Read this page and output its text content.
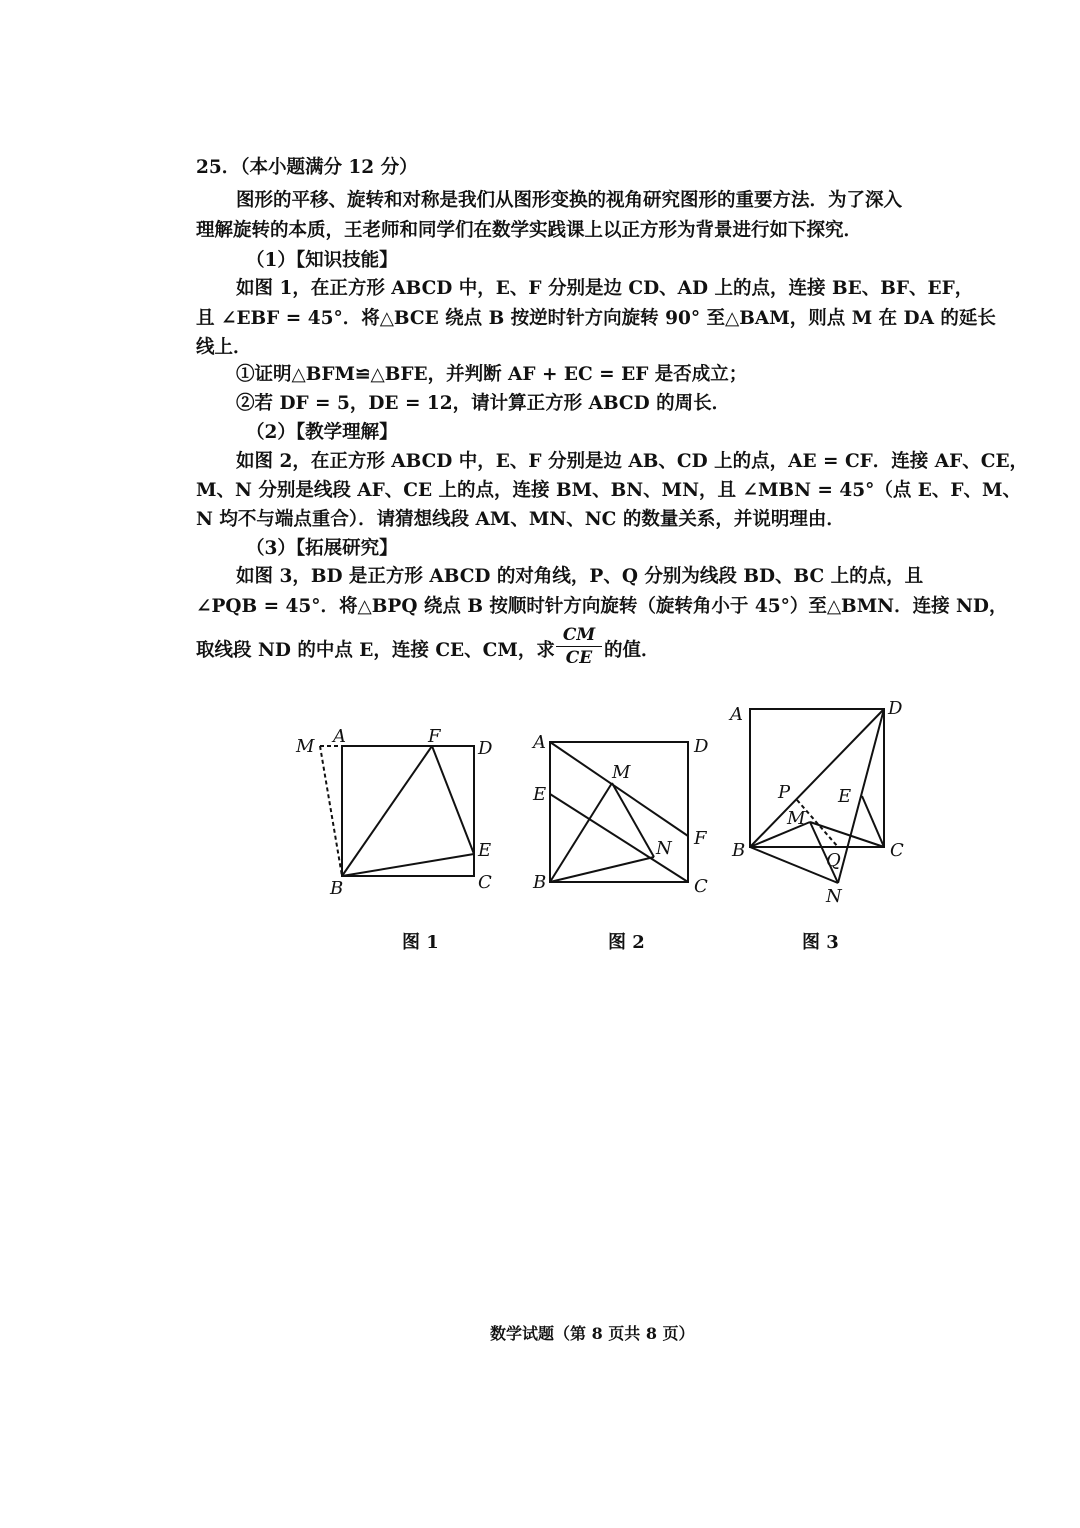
25．（本小题满分 12 分）
图形的平移、旋转和对称是我们从图形变换的视角研究图形的重要方法．为了深入
理解旋转的本质，王老师和同学们在数学实践课上以正方形为背景进行如下探究．
（1）【知识技能】
如图 1，在正方形 ABCD 中，E、F 分别是边 CD、AD 上的点，连接 BE、BF、EF，
且 ∠EBF = 45°．将△BCE 绕点 B 按逆时针方向旋转 90° 至△BAM，则点 M 在 DA 的延长
线上．
①证明△BFM≌△BFE，并判断 AF + EC = EF 是否成立；
②若 DF = 5，DE = 12，请计算正方形 ABCD 的周长．
（2）【教学理解】
如图 2，在正方形 ABCD 中，E、F 分别是边 AB、CD 上的点，AE = CF．连接 AF、CE，
M、N 分别是线段 AF、CE 上的点，连接 BM、BN、MN，且 ∠MBN = 45°（点 E、F、M、
N 均不与端点重合）．请猜想线段 AM、MN、NC 的数量关系，并说明理由．
（3）【拓展研究】
如图 3，BD 是正方形 ABCD 的对角线，P、Q 分别为线段 BD、BC 上的点，且
∠PQB = 45°．将△BPQ 绕点 B 按顺时针方向旋转（旋转角小于 45°）至△BMN．连接 ND，
取线段 ND 的中点 E，连接 CE、CM，求 $\frac{CM}{CE}$ 的值．
M A	F
D
E
B	C
A	D
M
E
F
N
B	C
A	D
P
M
E
B	C
Q
N
图 1	图 2	图 3
数学试题（第 8 页共 8 页）
